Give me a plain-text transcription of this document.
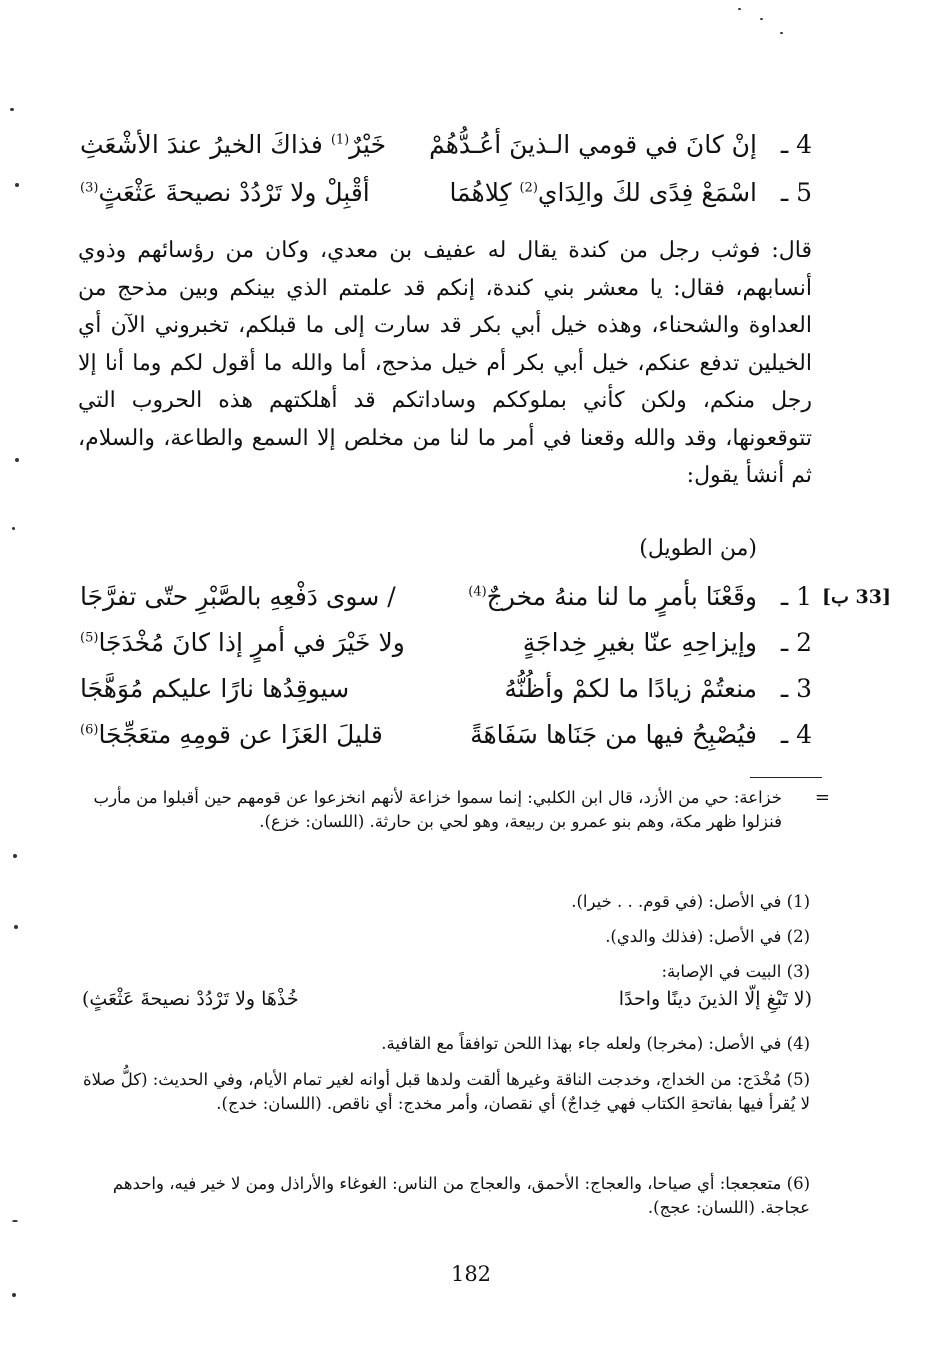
4 ـ
إنْ كانَ في قومي الـذينَ أعُـدُّهُمْ
خَيْرٌ$^{(1)}$ فذاكَ الخيرُ عندَ الأشْعَثِ
5 ـ
اسْمَعْ فِدًى لكَ والِدَاي$^{(2)}$ كِلاهُمَا
أقْبِلْ ولا تَرْدُدْ نصيحةَ عَثْعَثٍ$^{(3)}$
قال: فوثب رجل من كندة يقال له عفيف بن معدي، وكان من رؤسائهم وذوي أنسابهم، فقال: يا معشر بني كندة، إنكم قد علمتم الذي بينكم وبين مذحج من العداوة والشحناء، وهذه خيل أبي بكر قد سارت إلى ما قبلكم، تخبروني الآن أي الخيلين تدفع عنكم، خيل أبي بكر أم خيل مذحج، أما والله ما أقول لكم وما أنا إلا رجل منكم، ولكن كأني بملوككم وساداتكم قد أهلكتهم هذه الحروب التي تتوقعونها، وقد والله وقعنا في أمر ما لنا من مخلص إلا السمع والطاعة، والسلام، ثم أنشأ يقول:
(من الطويل)
[33 ب]
1 ـ
وقَعْنَا بأمرٍ ما لنا منهُ مخرجٌ$^{(4)}$
/ سوى دَفْعِهِ بالصَّبْرِ حتّى تفرَّجَا
2 ـ
وإيزاحِهِ عنّا بغيرِ خِداجَةٍ
ولا خَيْرَ في أمرٍ إذا كانَ مُخْدَجَا$^{(5)}$
3 ـ
منعتُمْ زيادًا ما لكمْ وأظُنُّهُ
سيوقِدُها نارًا عليكم مُوَهَّجَا
4 ـ
فيُصْبِحُ فيها من جَنَاها سَفَاهَةً
قليلَ العَزَا عن قومِهِ متعَجِّجَا$^{(6)}$
=
خزاعة: حي من الأزد، قال ابن الكلبي: إنما سموا خزاعة لأنهم انخزعوا عن قومهم حين أقبلوا من مأرب فنزلوا ظهر مكة، وهم بنو عمرو بن ربيعة، وهو لحي بن حارثة. (اللسان: خزع).
(1) في الأصل: (في قوم. . . خيرا).
(2) في الأصل: (فذلك والدي).
(3) البيت في الإصابة:
(لا تَبْغِ إلّا الذينَ دينًا واحدًا
خُذْهَا ولا تَرْدُدْ نصيحةَ عَثْعَثٍ)
(4) في الأصل: (مخرجا) ولعله جاء بهذا اللحن توافقاً مع القافية.
(5) مُخْدَج: من الخداج، وخدجت الناقة وغيرها ألقت ولدها قبل أوانه لغير تمام الأيام، وفي الحديث: (كلُّ صلاة لا يُقرأ فيها بفاتحةِ الكتاب فهي خِداجٌ) أي نقصان، وأمر مخدج: أي ناقص. (اللسان: خدج).
(6) متعجعجا: أي صياحا، والعجاج: الأحمق، والعجاج من الناس: الغوغاء والأراذل ومن لا خير فيه، واحدهم عجاجة. (اللسان: عجج).
182
